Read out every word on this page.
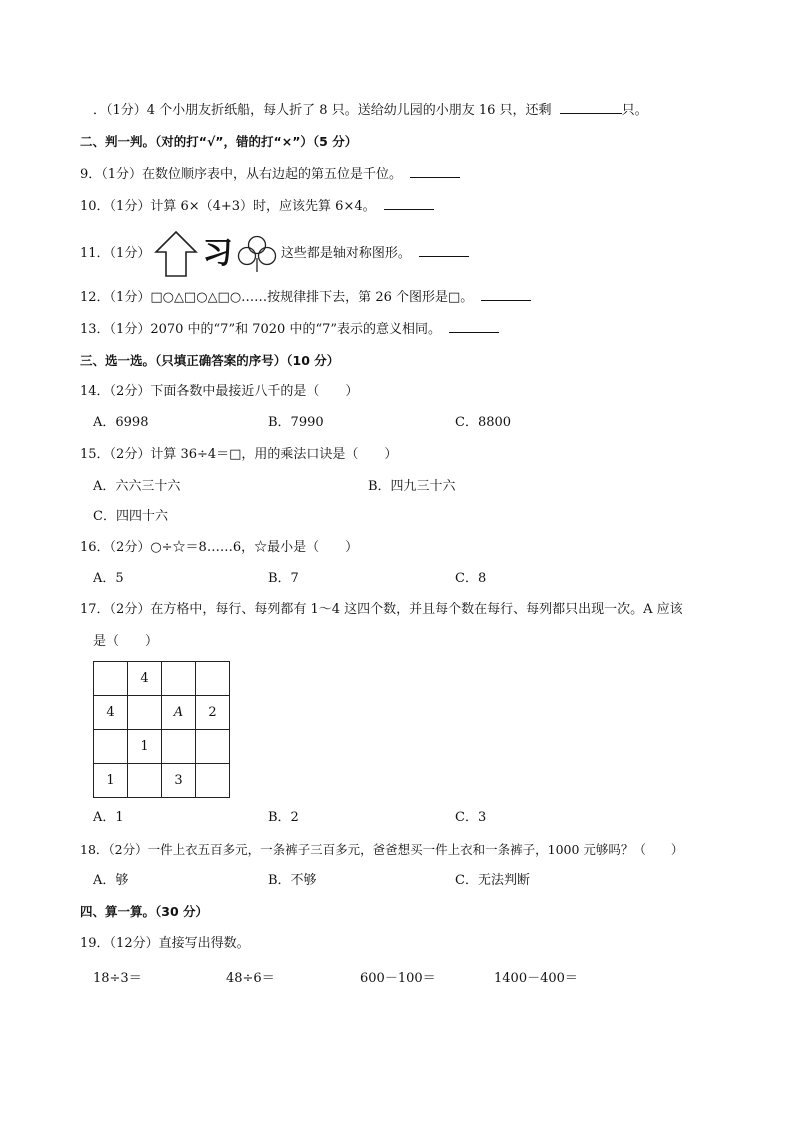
．（1分）4 个小朋友折纸船，每人折了 8 只。送给幼儿园的小朋友 16 只，还剩	只。
二、判一判。（对的打“√”，错的打“×”）（5 分）
9．（1分）在数位顺序表中，从右边起的第五位是千位。
10．（1分）计算 6×（4+3）时，应该先算 6×4。
11．（1分） 习	这些都是轴对称图形。
12．（1分）□○△□○△□○……按规律排下去，第 26 个图形是□。
13．（1分）2070 中的“7”和 7020 中的“7”表示的意义相同。
三、选一选。（只填正确答案的序号）（10 分）
14．（2分）下面各数中最接近八千的是（　　）
A．6998	B．7990	C．8800
15．（2分）计算 36÷4＝□，用的乘法口诀是（　　）
A．六六三十六	B．四九三十六
C．四四十六
16．（2分）○÷☆＝8……6，☆最小是（　　）
A．5	B．7	C．8
17．（2分）在方格中，每行、每列都有 1～4 这四个数，并且每个数在每行、每列都只出现一次。A 应该
是（　　）
	4		
4		A	2
	1		
1		3	
A．1	B．2	C．3
18．（2分）一件上衣五百多元，一条裤子三百多元，爸爸想买一件上衣和一条裤子，1000 元够吗？（　　）
A．够	B．不够	C．无法判断
四、算一算。（30 分）
19．（12分）直接写出得数。
18÷3＝	48÷6＝	600－100＝	1400－400＝
